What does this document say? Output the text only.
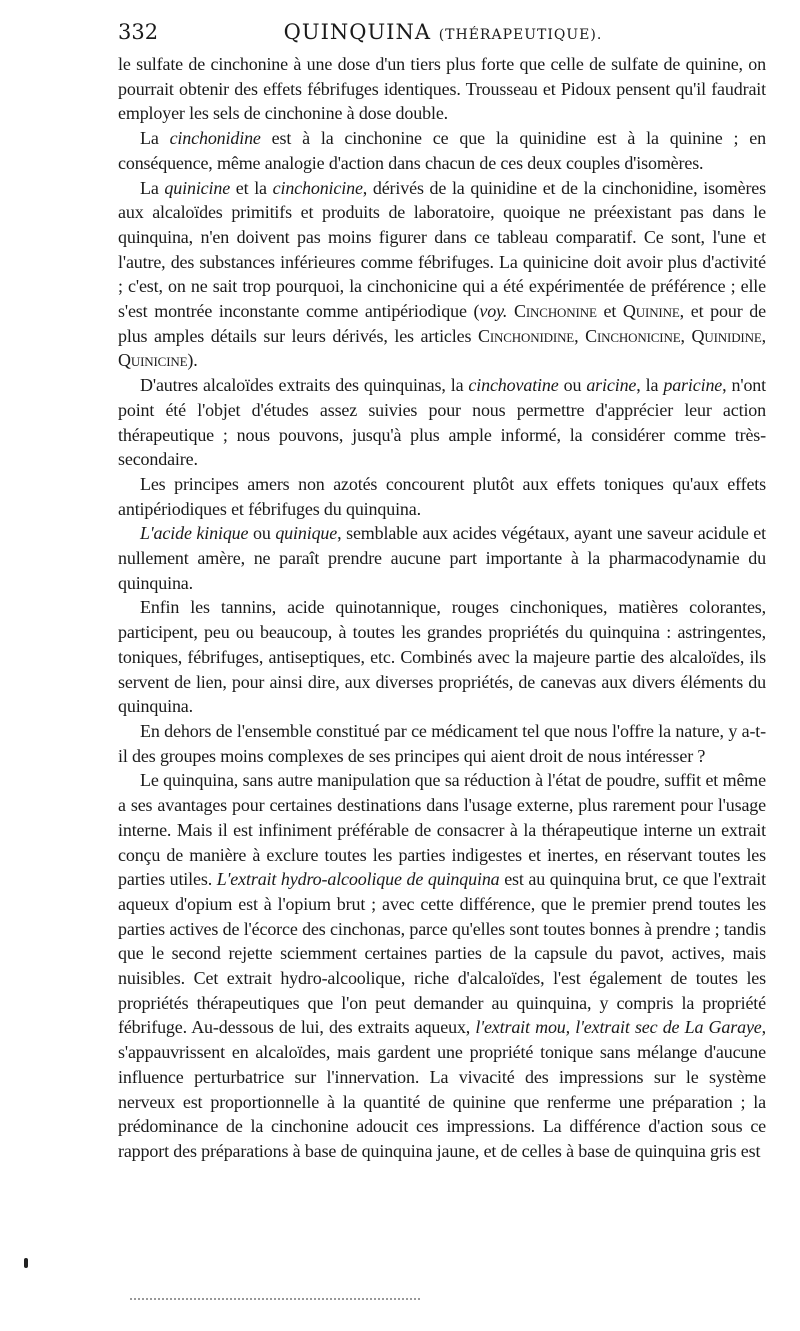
332	QUINQUINA (THÉRAPEUTIQUE).

le sulfate de cinchonine à une dose d'un tiers plus forte que celle de sulfate de quinine, on pourrait obtenir des effets fébrifuges identiques. Trousseau et Pidoux pensent qu'il faudrait employer les sels de cinchonine à dose double.

La cinchonidine est à la cinchonine ce que la quinidine est à la quinine ; en conséquence, même analogie d'action dans chacun de ces deux couples d'isomères.

La quinicine et la cinchonicine, dérivés de la quinidine et de la cinchonidine, isomères aux alcaloïdes primitifs et produits de laboratoire, quoique ne préexistant pas dans le quinquina, n'en doivent pas moins figurer dans ce tableau comparatif. Ce sont, l'une et l'autre, des substances inférieures comme fébrifuges. La quinicine doit avoir plus d'activité ; c'est, on ne sait trop pourquoi, la cinchonicine qui a été expérimentée de préférence ; elle s'est montrée inconstante comme antipériodique (voy. Cinchonine et Quinine, et pour de plus amples détails sur leurs dérivés, les articles Cinchonidine, Cinchonicine, Quinidine, Quinicine).

D'autres alcaloïdes extraits des quinquinas, la cinchovatine ou aricine, la paricine, n'ont point été l'objet d'études assez suivies pour nous permettre d'apprécier leur action thérapeutique ; nous pouvons, jusqu'à plus ample informé, la considérer comme très-secondaire.

Les principes amers non azotés concourent plutôt aux effets toniques qu'aux effets antipériodiques et fébrifuges du quinquina.

L'acide kinique ou quinique, semblable aux acides végétaux, ayant une saveur acidule et nullement amère, ne paraît prendre aucune part importante à la pharmacodynamie du quinquina.

Enfin les tannins, acide quinotannique, rouges cinchoniques, matières colorantes, participent, peu ou beaucoup, à toutes les grandes propriétés du quinquina : astringentes, toniques, fébrifuges, antiseptiques, etc. Combinés avec la majeure partie des alcaloïdes, ils servent de lien, pour ainsi dire, aux diverses propriétés, de canevas aux divers éléments du quinquina.

En dehors de l'ensemble constitué par ce médicament tel que nous l'offre la nature, y a-t-il des groupes moins complexes de ses principes qui aient droit de nous intéresser ?

Le quinquina, sans autre manipulation que sa réduction à l'état de poudre, suffit et même a ses avantages pour certaines destinations dans l'usage externe, plus rarement pour l'usage interne. Mais il est infiniment préférable de consacrer à la thérapeutique interne un extrait conçu de manière à exclure toutes les parties indigestes et inertes, en réservant toutes les parties utiles. L'extrait hydro-alcoolique de quinquina est au quinquina brut, ce que l'extrait aqueux d'opium est à l'opium brut ; avec cette différence, que le premier prend toutes les parties actives de l'écorce des cinchonas, parce qu'elles sont toutes bonnes à prendre ; tandis que le second rejette sciemment certaines parties de la capsule du pavot, actives, mais nuisibles. Cet extrait hydro-alcoolique, riche d'alcaloïdes, l'est également de toutes les propriétés thérapeutiques que l'on peut demander au quinquina, y compris la propriété fébrifuge. Au-dessous de lui, des extraits aqueux, l'extrait mou, l'extrait sec de La Garaye, s'appauvrissent en alcaloïdes, mais gardent une propriété tonique sans mélange d'aucune influence perturbatrice sur l'innervation. La vivacité des impressions sur le système nerveux est proportionnelle à la quantité de quinine que renferme une préparation ; la prédominance de la cinchonine adoucit ces impressions. La différence d'action sous ce rapport des préparations à base de quinquina jaune, et de celles à base de quinquina gris est
